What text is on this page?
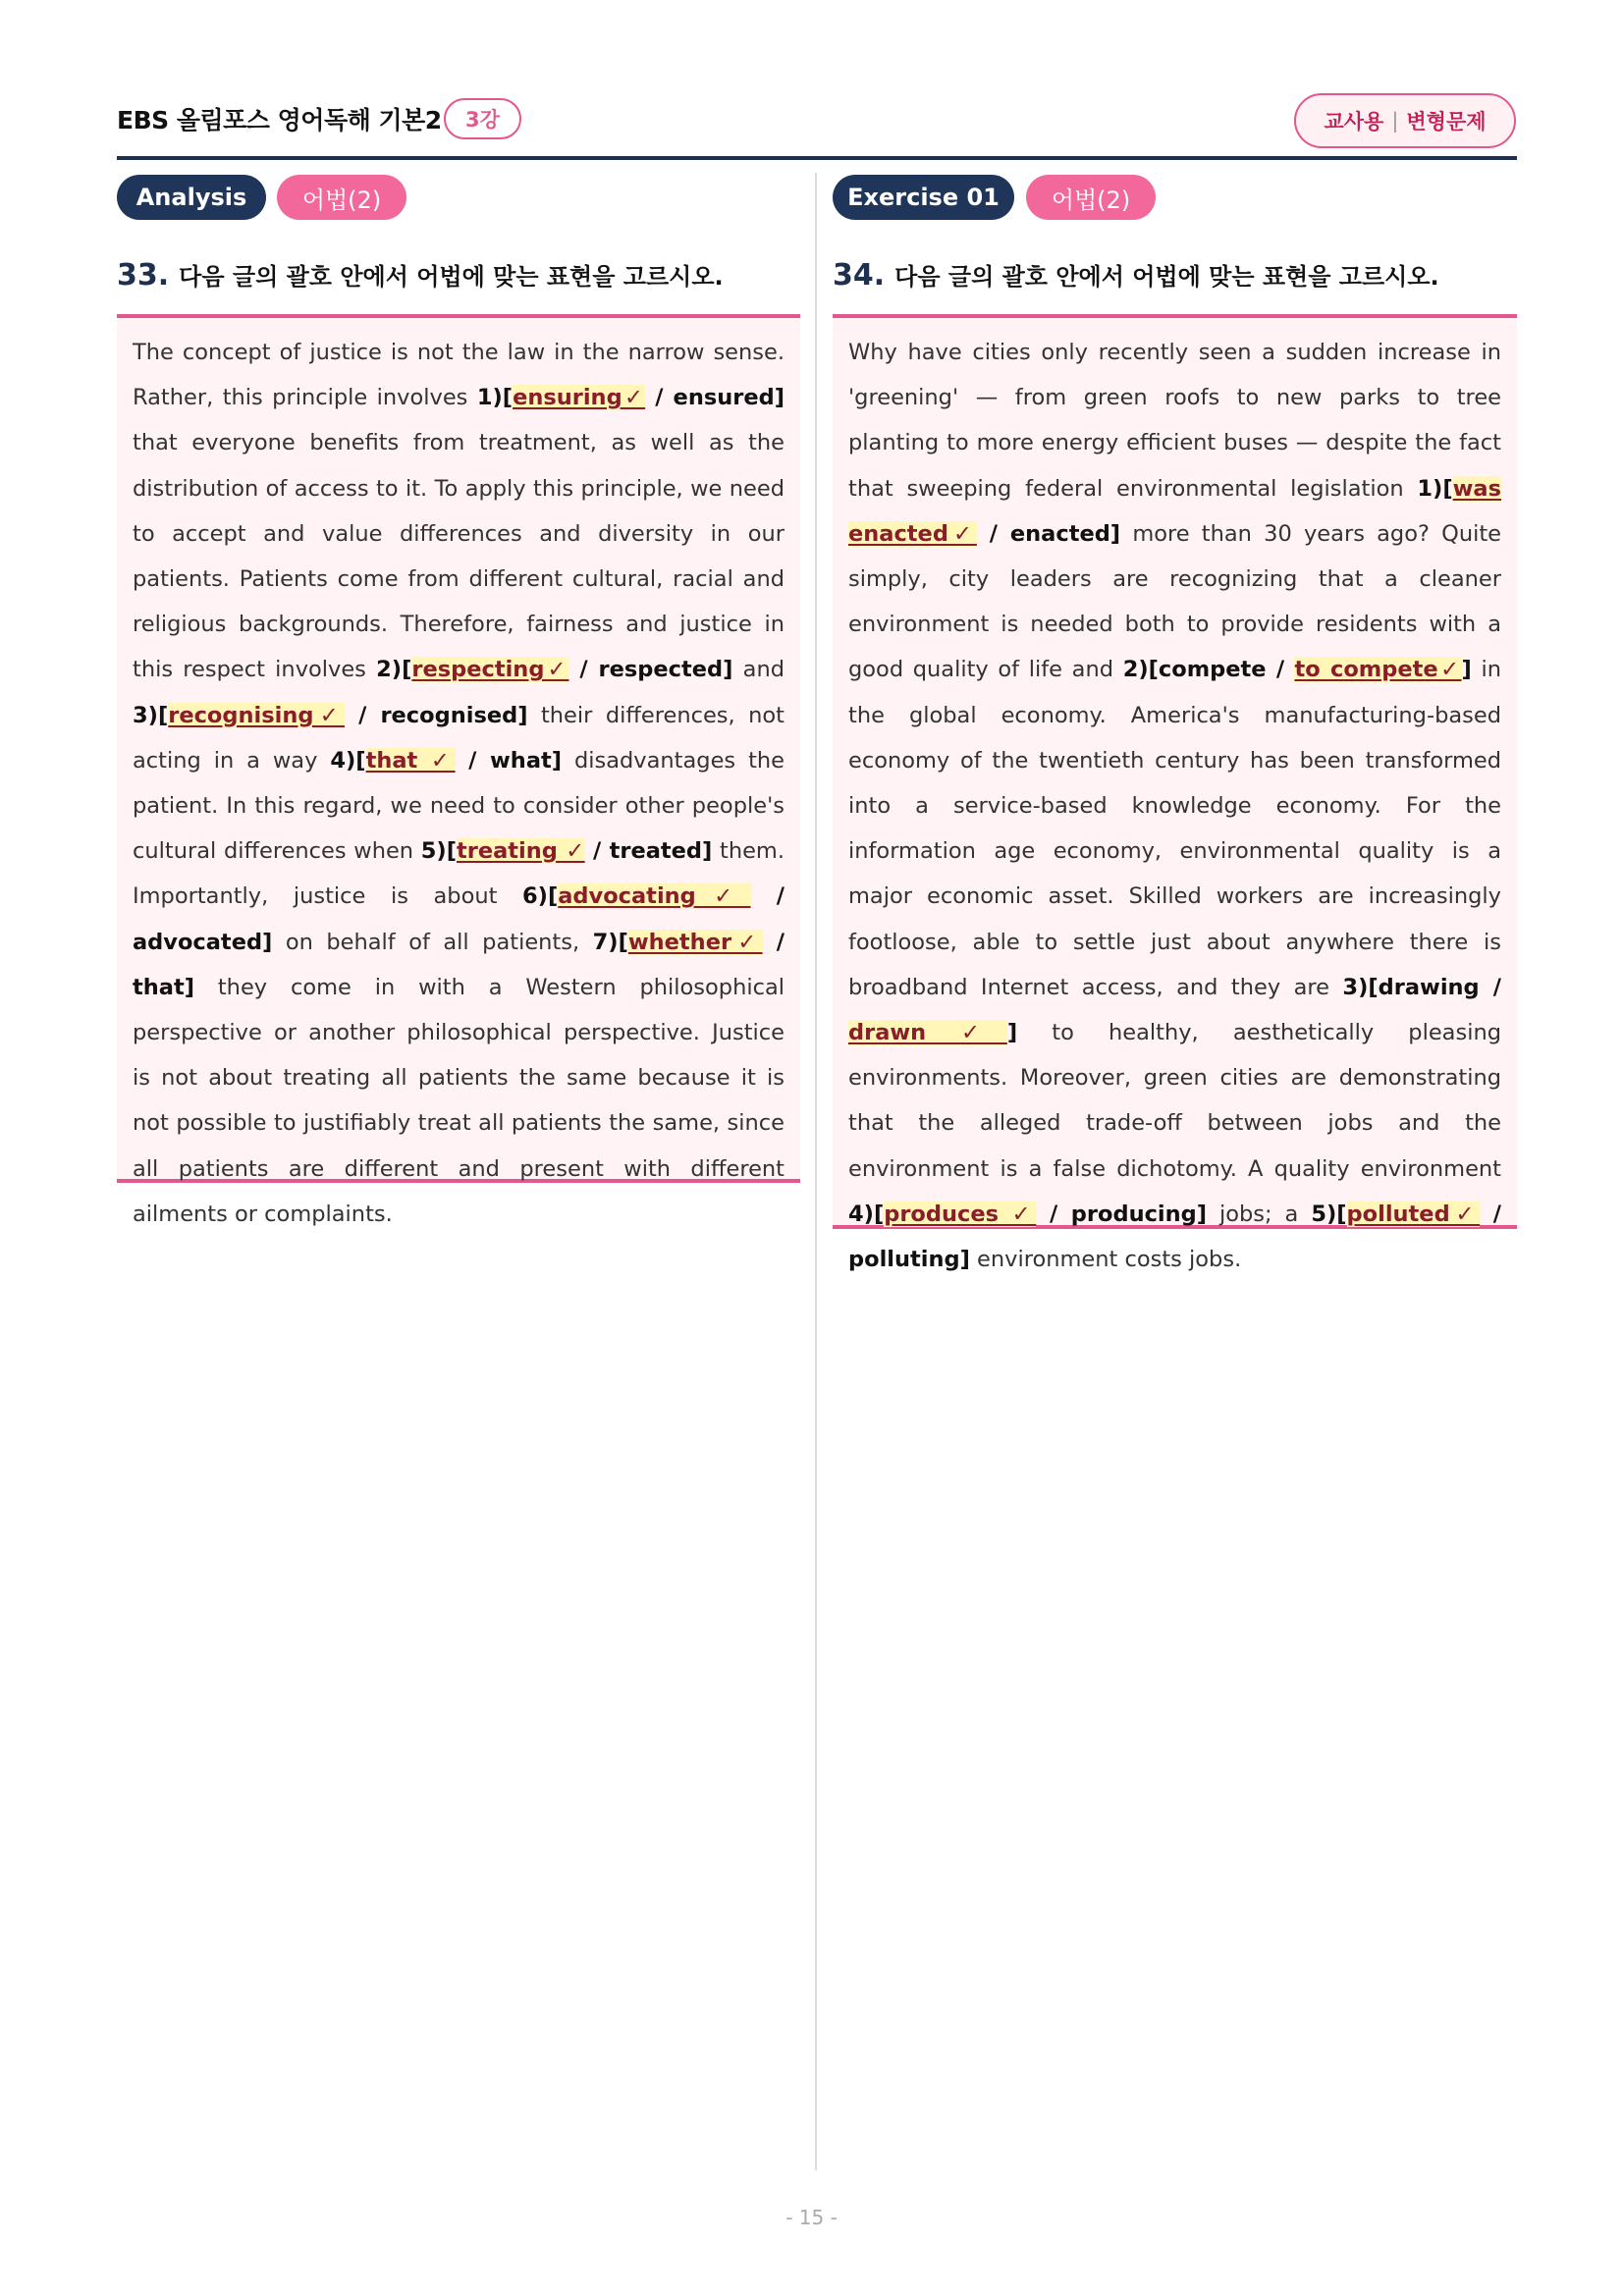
EBS 올림포스 영어독해 기본2	3강	교사용 | 변형문제
Analysis	어법(2)
33. 다음 글의 괄호 안에서 어법에 맞는 표현을 고르시오.
The concept of justice is not the law in the narrow sense. Rather, this principle involves 1)[ensuring✓ / ensured] that everyone benefits from treatment, as well as the distribution of access to it. To apply this principle, we need to accept and value differences and diversity in our patients. Patients come from different cultural, racial and religious backgrounds. Therefore, fairness and justice in this respect involves 2)[respecting✓ / respected] and 3)[recognising✓ / recognised] their differences, not acting in a way 4)[that ✓ / what] disadvantages the patient. In this regard, we need to consider other people's cultural differences when 5)[treating ✓ / treated] them. Importantly, justice is about 6)[advocating✓ / advocated] on behalf of all patients, 7)[whether✓ / that] they come in with a Western philosophical perspective or another philosophical perspective. Justice is not about treating all patients the same because it is not possible to justifiably treat all patients the same, since all patients are different and present with different ailments or complaints.
Exercise 01	어법(2)
34. 다음 글의 괄호 안에서 어법에 맞는 표현을 고르시오.
Why have cities only recently seen a sudden increase in 'greening' — from green roofs to new parks to tree planting to more energy efficient buses — despite the fact that sweeping federal environmental legislation 1)[was enacted✓ / enacted] more than 30 years ago? Quite simply, city leaders are recognizing that a cleaner environment is needed both to provide residents with a good quality of life and 2)[compete / to compete✓] in the global economy. America's manufacturing-based economy of the twentieth century has been transformed into a service-based knowledge economy. For the information age economy, environmental quality is a major economic asset. Skilled workers are increasingly footloose, able to settle just about anywhere there is broadband Internet access, and they are 3)[drawing / drawn ✓] to healthy, aesthetically pleasing environments. Moreover, green cities are demonstrating that the alleged trade-off between jobs and the environment is a false dichotomy. A quality environment 4)[produces ✓ / producing] jobs; a 5)[polluted✓ / polluting] environment costs jobs.
- 15 -
